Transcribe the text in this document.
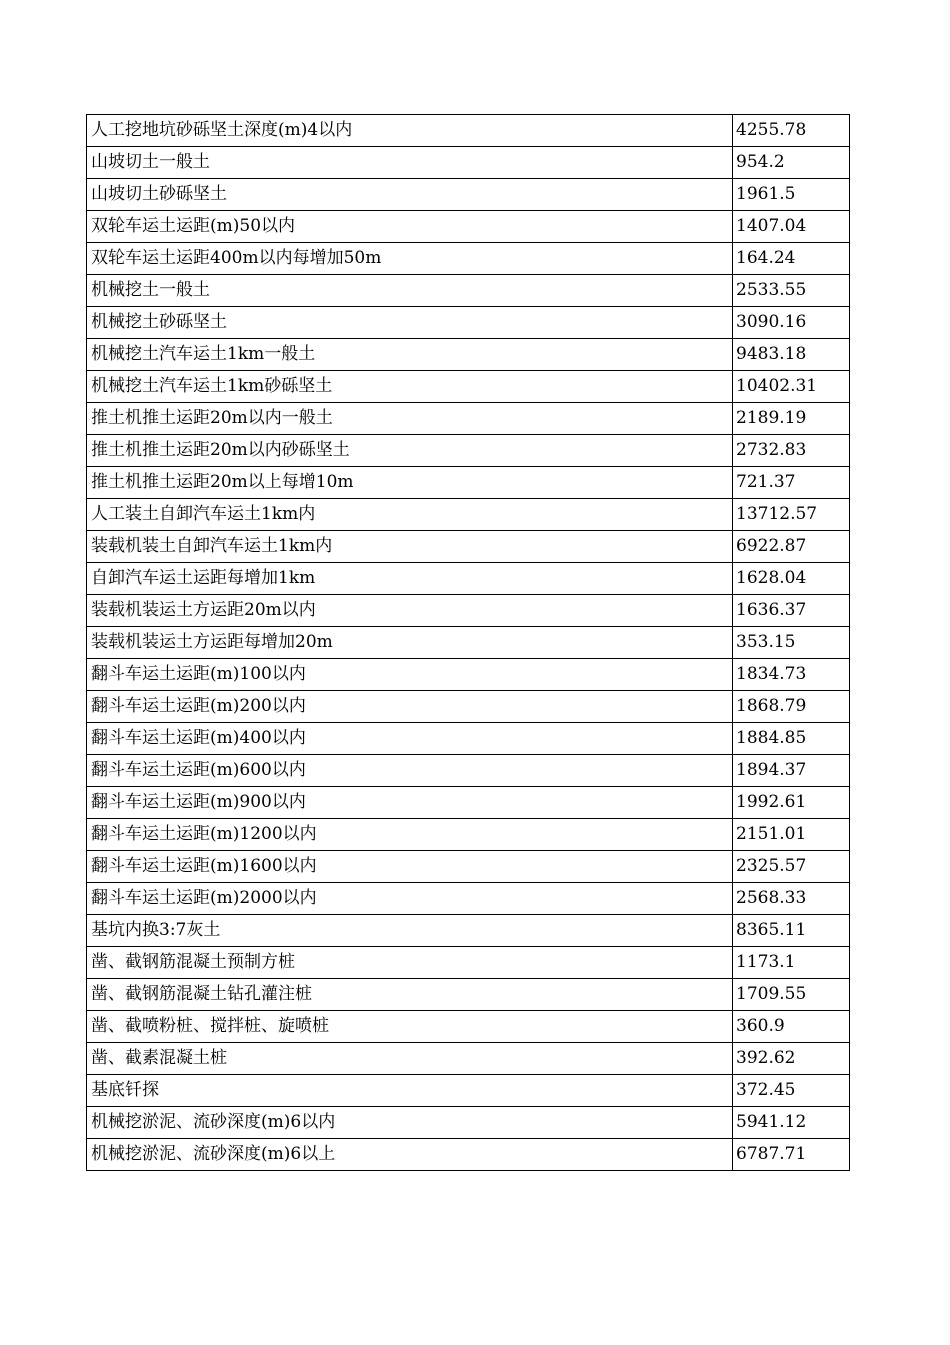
人工挖地坑砂砾坚土深度(m)4以内	4255.78
山坡切土一般土	954.2
山坡切土砂砾坚土	1961.5
双轮车运土运距(m)50以内	1407.04
双轮车运土运距400m以内每增加50m	164.24
机械挖土一般土	2533.55
机械挖土砂砾坚土	3090.16
机械挖土汽车运土1km一般土	9483.18
机械挖土汽车运土1km砂砾坚土	10402.31
推土机推土运距20m以内一般土	2189.19
推土机推土运距20m以内砂砾坚土	2732.83
推土机推土运距20m以上每增10m	721.37
人工装土自卸汽车运土1km内	13712.57
装载机装土自卸汽车运土1km内	6922.87
自卸汽车运土运距每增加1km	1628.04
装载机装运土方运距20m以内	1636.37
装载机装运土方运距每增加20m	353.15
翻斗车运土运距(m)100以内	1834.73
翻斗车运土运距(m)200以内	1868.79
翻斗车运土运距(m)400以内	1884.85
翻斗车运土运距(m)600以内	1894.37
翻斗车运土运距(m)900以内	1992.61
翻斗车运土运距(m)1200以内	2151.01
翻斗车运土运距(m)1600以内	2325.57
翻斗车运土运距(m)2000以内	2568.33
基坑内换3:7灰土	8365.11
凿、截钢筋混凝土预制方桩	1173.1
凿、截钢筋混凝土钻孔灌注桩	1709.55
凿、截喷粉桩、搅拌桩、旋喷桩	360.9
凿、截素混凝土桩	392.62
基底钎探	372.45
机械挖淤泥、流砂深度(m)6以内	5941.12
机械挖淤泥、流砂深度(m)6以上	6787.71
